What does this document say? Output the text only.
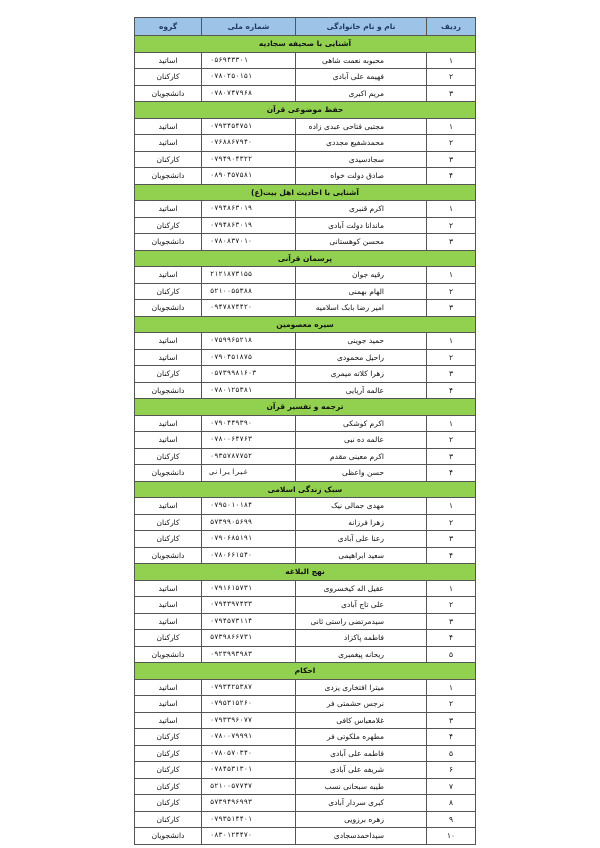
ردیف	نام و نام خانوادگی	شماره ملی	گروه
آشنایی با صحیفه سجادیه			
۱	محبوبه نعمت شاهی	۰۵۶۹۴۳۳۰۱	اساتید
۲	فهیمه علی آبادی	۰۷۸۰۲۵۰۱۵۱	کارکنان
۳	مریم اکبری	۰۷۸۰۷۴۷۹۶۸	دانشجویان
حفظ موضوعی قرآن			
۱	مجتبی فتاحی عبدی زاده	۰۷۹۳۴۵۴۷۵۱	اساتید
۲	محمدشفیع مجددی	۰۷۶۸۸۶۷۹۴۰	اساتید
۳	سجادسیدی	۰۷۹۴۹۰۴۳۲۲	کارکنان
۴	صادق دولت خواه	۰۸۹۰۴۵۷۵۸۱	دانشجویان
آشنایی با احادیث اهل بیت(ع)			
۱	اکرم قنبری	۰۷۹۴۸۶۳۰۱۹	اساتید
۲	ماندانا دولت آبادی	۰۷۹۴۸۶۳۰۱۹	کارکنان
۳	محسن کوهستانی	۰۷۸۰۸۳۷۰۱۰	دانشجویان
پرسمان قرآنی			
۱	رقیه جوان	۲۱۲۱۸۷۳۱۵۵	اساتید
۲	الهام بهمنی	۵۲۱۰۰۵۵۳۸۸	کارکنان
۳	امیر رضا بابک اسلامیه	۰۹۴۷۸۷۴۴۲۰	دانشجویان
سیره معصومین			
۱	حمید جوینی	۰۷۵۹۹۶۵۲۱۸	اساتید
۲	راحیل محمودی	۰۷۹۰۴۵۱۸۷۵	اساتید
۳	زهرا کلاته میمری	۰۵۷۳۹۹۸۱۶۰۳	کارکنان
۴	عالمه آریایی	۰۷۸۰۱۲۵۳۸۱	دانشجویان
ترجمه و تفسیر قرآن			
۱	اکرم کوشکی	۰۷۹۰۴۴۹۳۹۰	اساتید
۲	عالمه ده نبی	۰۷۸۰۰۶۴۷۶۳	اساتید
۳	اکرم معینی مقدم	۰۹۳۵۷۸۷۷۵۲	کارکنان
۴	حسن واعظی	غیرایرانی	دانشجویان
سبک زندگی اسلامی			
۱	مهدی جمالی نیک	۰۷۹۵۰۱۰۱۸۴	اساتید
۲	زهرا فرزانه	۵۷۳۹۹۰۵۶۹۹	کارکنان
۳	رعنا علی آبادی	۰۷۹۰۶۸۵۱۹۱	کارکنان
۴	سعید ابراهیمی	۰۷۸۰۶۶۱۵۴۰	دانشجویان
نهج البلاغه			
۱	عقیل اله کیخسروی	۰۷۹۱۶۱۵۷۳۱	اساتید
۲	علی تاج آبادی	۰۷۹۴۳۹۷۴۳۳	اساتید
۳	سیدمرتضی راستی ثانی	۰۷۹۴۵۷۳۱۱۴	اساتید
۴	فاطمه پاکزاد	۵۷۳۹۸۶۶۷۳۱	کارکنان
۵	ریحانه پیغمبری	۰۹۲۳۹۹۳۹۸۳	دانشجویان
احکام			
۱	میترا افتخاری یزدی	۰۷۹۳۴۲۵۳۸۷	اساتید
۲	نرجس حشمتی فر	۰۷۹۵۳۱۵۲۶۰	اساتید
۳	غلامعباس کافی	۰۷۹۳۳۹۶۰۷۷	اساتید
۴	مطهره ملکوتی فر	۰۷۸۰۰۷۹۹۹۱	کارکنان
۵	فاطمه علی آبادی	۰۷۸۰۵۷۰۳۴۰	کارکنان
۶	شریفه علی آبادی	۰۷۸۴۵۳۱۳۰۱	کارکنان
۷	طیبه سبحانی نسب	۵۲۱۰۰۵۷۷۴۷	کارکنان
۸	کبری سردار آبادی	۵۷۳۹۴۹۶۹۹۳	کارکنان
۹	زهره برزویی	۰۷۹۳۵۱۴۴۰۱	کارکنان
۱۰	سیداحمدسجادی	۰۸۳۰۱۲۴۴۷۰	دانشجویان
